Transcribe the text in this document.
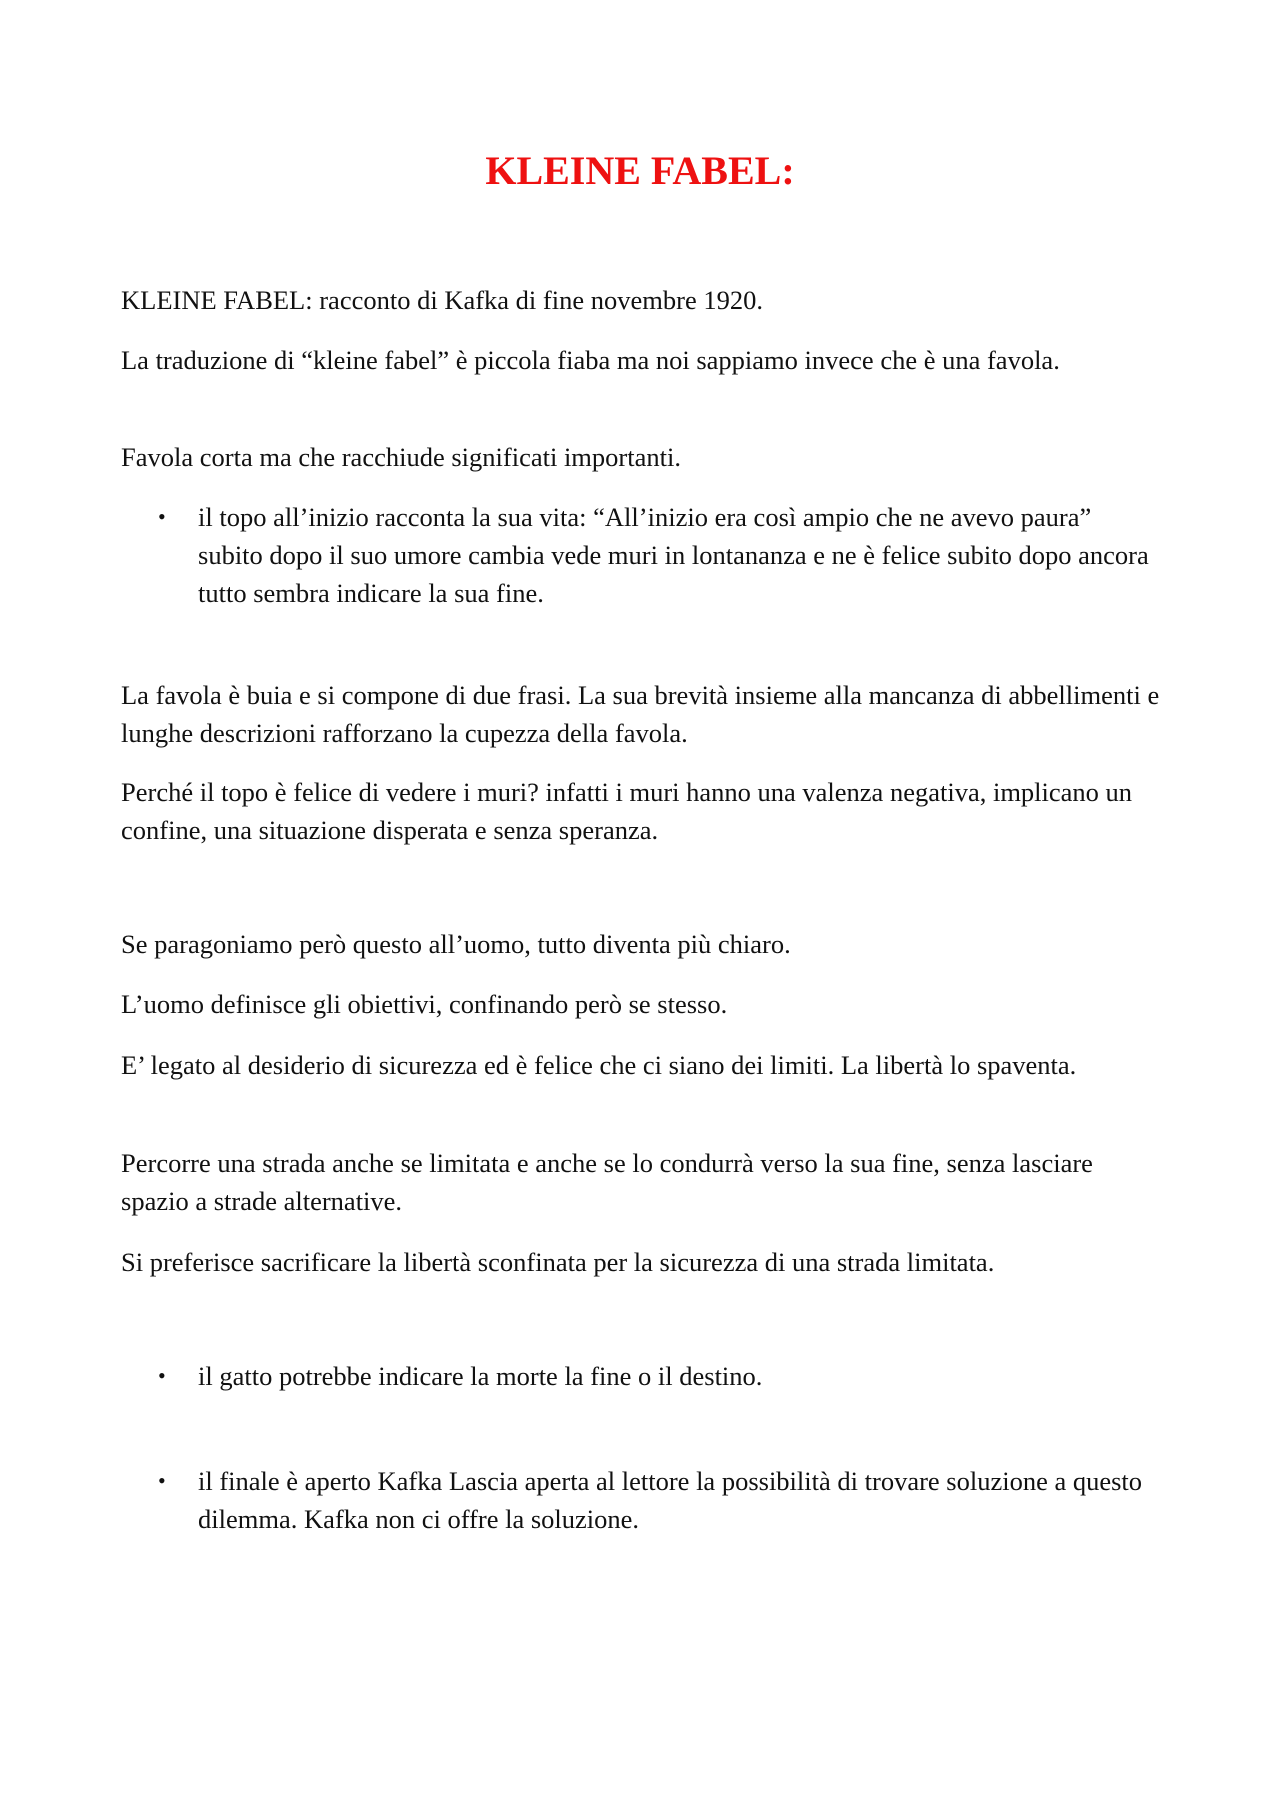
KLEINE FABEL:

KLEINE FABEL: racconto di Kafka di fine novembre 1920.

La traduzione di “kleine fabel” è piccola fiaba ma noi sappiamo invece che è una favola.

Favola corta ma che racchiude significati importanti.

• il topo all’inizio racconta la sua vita: “All’inizio era così ampio che ne avevo paura” subito dopo il suo umore cambia vede muri in lontananza e ne è felice subito dopo ancora tutto sembra indicare la sua fine.

La favola è buia e si compone di due frasi. La sua brevità insieme alla mancanza di abbellimenti e lunghe descrizioni rafforzano la cupezza della favola.

Perché il topo è felice di vedere i muri? infatti i muri hanno una valenza negativa, implicano un confine, una situazione disperata e senza speranza.

Se paragoniamo però questo all’uomo, tutto diventa più chiaro.

L’uomo definisce gli obiettivi, confinando però se stesso.

E’ legato al desiderio di sicurezza ed è felice che ci siano dei limiti. La libertà lo spaventa.

Percorre una strada anche se limitata e anche se lo condurrà verso la sua fine, senza lasciare spazio a strade alternative.

Si preferisce sacrificare la libertà sconfinata per la sicurezza di una strada limitata.

• il gatto potrebbe indicare la morte la fine o il destino.

• il finale è aperto Kafka Lascia aperta al lettore la possibilità di trovare soluzione a questo dilemma. Kafka non ci offre la soluzione.
